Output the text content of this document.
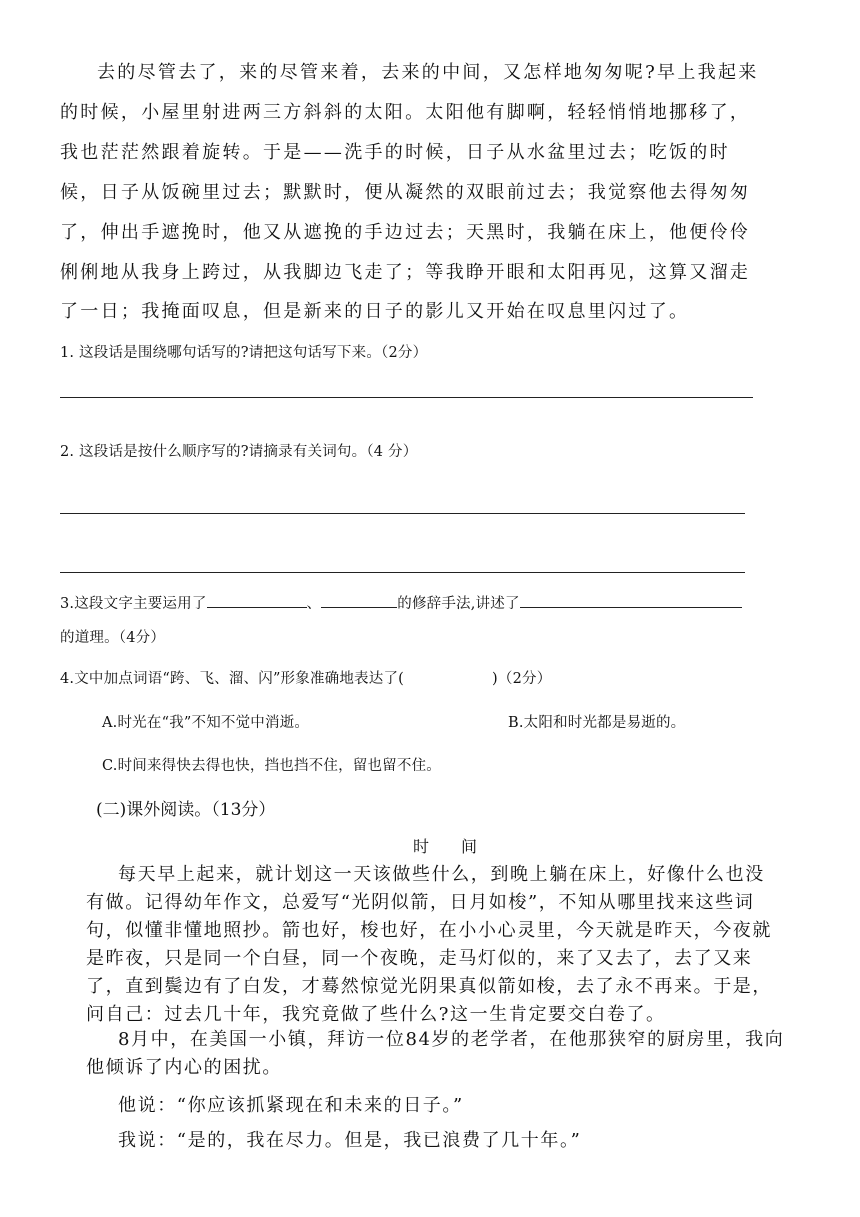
去的尽管去了，来的尽管来着，去来的中间，又怎样地匆匆呢?早上我起来
的时候，小屋里射进两三方斜斜的太阳。太阳他有脚啊，轻轻悄悄地挪移了，
我也茫茫然跟着旋转。于是——洗手的时候，日子从水盆里过去；吃饭的时
候，日子从饭碗里过去；默默时，便从凝然的双眼前过去；我觉察他去得匆匆
了，伸出手遮挽时，他又从遮挽的手边过去；天黑时，我躺在床上，他便伶伶
俐俐地从我身上跨过，从我脚边飞走了；等我睁开眼和太阳再见，这算又溜走
了一日；我掩面叹息，但是新来的日子的影儿又开始在叹息里闪过了。
1. 这段话是围绕哪句话写的?请把这句话写下来。（2分）
2. 这段话是按什么顺序写的?请摘录有关词句。（4 分）
3.这段文字主要运用了	、	的修辞手法,讲述了
的道理。（4分）
4.文中加点词语“跨、飞、溜、闪”形象准确地表达了(	)（2分）
A.时光在“我”不知不觉中消逝。	B.太阳和时光都是易逝的。
C.时间来得快去得也快，挡也挡不住，留也留不住。
(二)课外阅读。（13分）
时　　间
每天早上起来，就计划这一天该做些什么，到晚上躺在床上，好像什么也没
有做。记得幼年作文，总爱写“光阴似箭，日月如梭”，不知从哪里找来这些词
句，似懂非懂地照抄。箭也好，梭也好，在小小心灵里，今天就是昨天，今夜就
是昨夜，只是同一个白昼，同一个夜晚，走马灯似的，来了又去了，去了又来
了，直到鬓边有了白发，才蓦然惊觉光阴果真似箭如梭，去了永不再来。于是，
问自己：过去几十年，我究竟做了些什么?这一生肯定要交白卷了。
8月中，在美国一小镇，拜访一位84岁的老学者，在他那狭窄的厨房里，我向
他倾诉了内心的困扰。
他说：“你应该抓紧现在和未来的日子。”
我说：“是的，我在尽力。但是，我已浪费了几十年。”
